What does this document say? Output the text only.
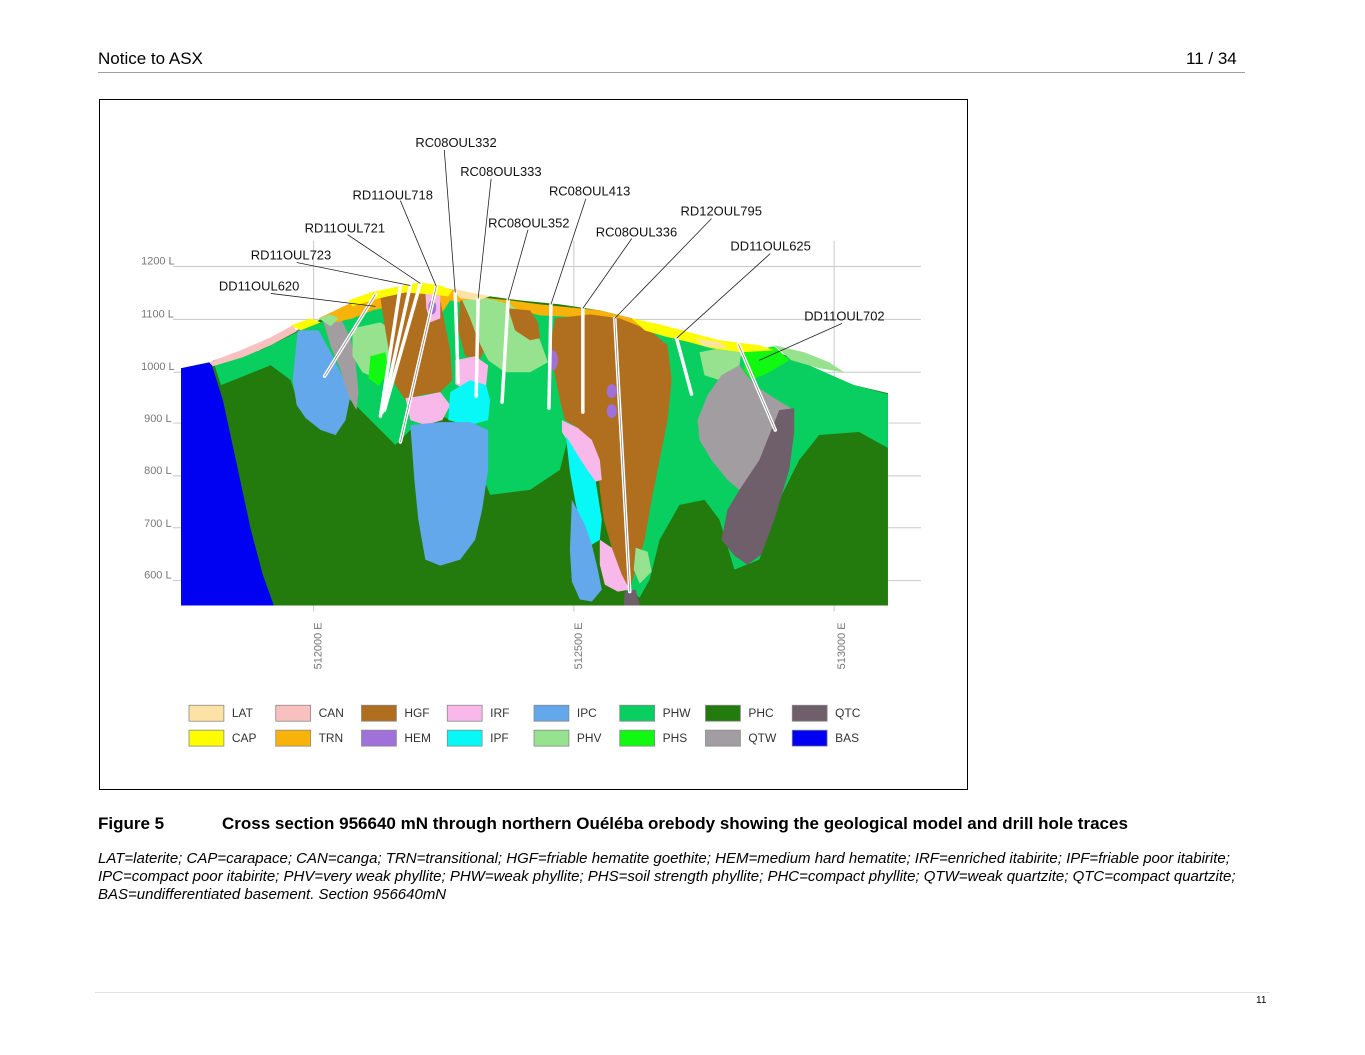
Notice to ASX	11 / 34
1200 L
1100 L
1000 L
900 L
800 L
700 L
600 L
512000 E	512500 E	513000 E
RC08OUL332
RC08OUL333
RD11OUL718	RC08OUL413
RD12OUL795
RD11OUL721	RC08OUL352
RC08OUL336
DD11OUL625
RD11OUL723
DD11OUL620
DD11OUL702
LAT	CAN	HGF	IRF	IPC	PHW	PHC	QTC
CAP	TRN	HEM	IPF	PHV	PHS	QTW	BAS
Figure 5	Cross section 956640 mN through northern Ouéléba orebody showing the geological model and drill hole traces
LAT=laterite; CAP=carapace; CAN=canga; TRN=transitional; HGF=friable hematite goethite; HEM=medium hard hematite; IRF=enriched itabirite; IPF=friable poor itabirite; IPC=compact poor itabirite; PHV=very weak phyllite; PHW=weak phyllite; PHS=soil strength phyllite; PHC=compact phyllite; QTW=weak quartzite; QTC=compact quartzite; BAS=undifferentiated basement. Section 956640mN
11
